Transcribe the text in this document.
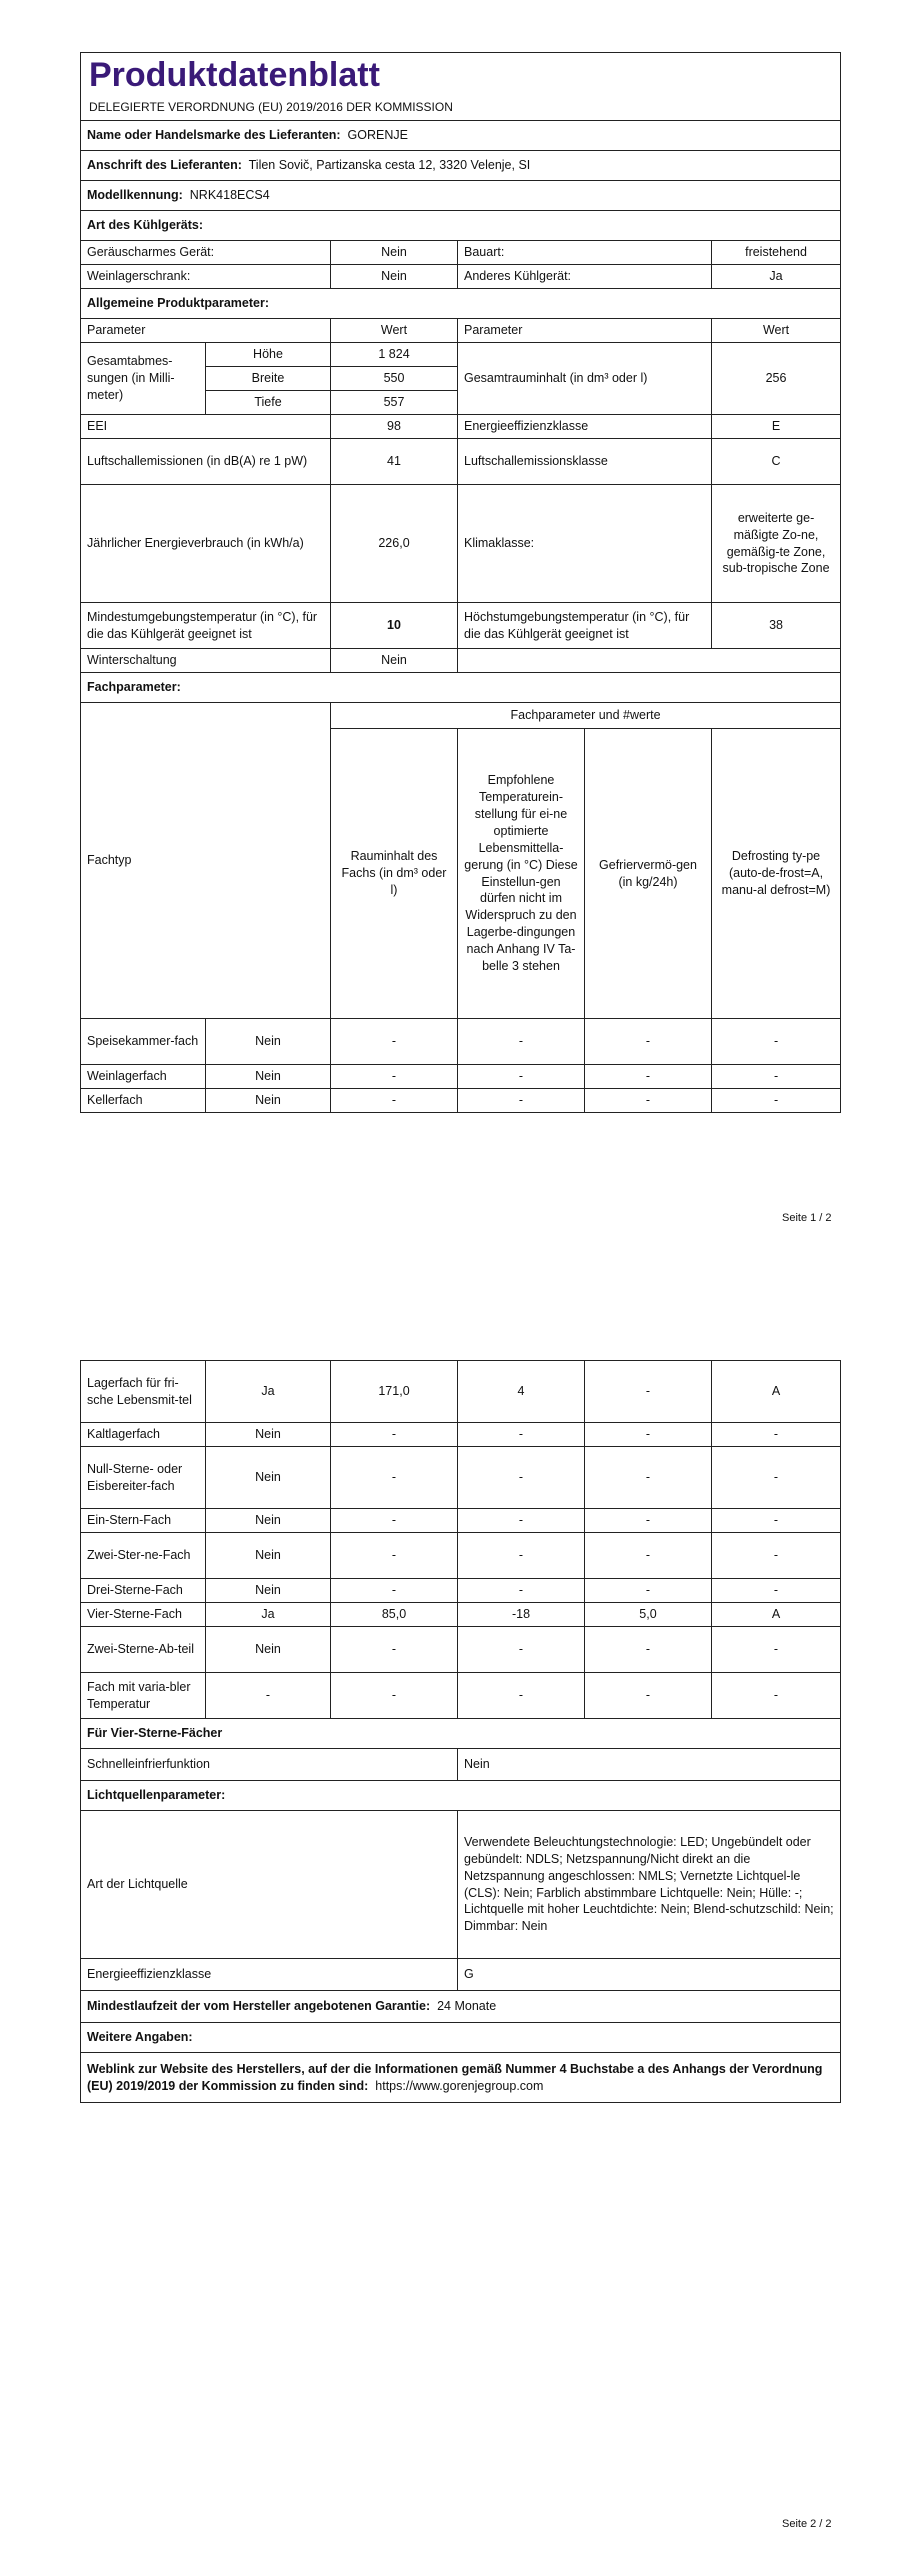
Produktdatenblatt
DELEGIERTE VERORDNUNG (EU) 2019/2016 DER KOMMISSION					

Name oder Handelsmarke des Lieferanten: GORENJE					
Anschrift des Lieferanten: Tilen Sovič, Partizanska cesta 12, 3320 Velenje, SI					
Modellkennung: NRK418ECS4					
Art des Kühlgeräts:					
Geräuscharmes Gerät:		Nein	Bauart:		freistehend
Weinlagerschrank:		Nein	Anderes Kühlgerät:		Ja
Allgemeine Produktparameter:					
Parameter		Wert	Parameter		Wert
Gesamtabmes-sungen (in Milli-meter)	Höhe	1 824	Gesamtrauminhalt (in dm³ oder l)		256
	Breite	550			
	Tiefe	557			
EEI		98	Energieeffizienzklasse		E
Luftschallemissionen (in dB(A) re 1 pW)		41	Luftschallemissionsklasse		C
Jährlicher Energieverbrauch (in kWh/a)		226,0	Klimaklasse:		erweiterte ge-mäßigte Zo-ne, gemäßig-te Zone, sub-tropische Zone
Mindestumgebungstemperatur (in °C), für die das Kühlgerät geeignet ist		10	Höchstumgebungstemperatur (in °C), für die das Kühlgerät geeignet ist		38
Winterschaltung		Nein			
Fachparameter:					
Fachtyp		Fachparameter und #werte			
		Rauminhalt des Fachs (in dm³ oder l)	Empfohlene Temperaturein-stellung für ei-ne optimierte Lebensmittella-gerung (in °C) Diese Einstellun-gen dürfen nicht im Widerspruch zu den Lagerbe-dingungen nach Anhang IV Ta-belle 3 stehen	Gefriervermö-gen (in kg/24h)	Defrosting ty-pe (auto-de-frost=A, manu-al defrost=M)
Speisekammer-fach	Nein	-	-	-	-
Weinlagerfach	Nein	-	-	-	-
Kellerfach	Nein	-	-	-	-
Seite 1 / 2
Lagerfach für fri-sche Lebensmit-tel	Ja	171,0	4	-	A
Kaltlagerfach	Nein	-	-	-	-
Null-Sterne- oder Eisbereiter-fach	Nein	-	-	-	-
Ein-Stern-Fach	Nein	-	-	-	-
Zwei-Ster-ne-Fach	Nein	-	-	-	-
Drei-Sterne-Fach	Nein	-	-	-	-
Vier-Sterne-Fach	Ja	85,0	-18	5,0	A
Zwei-Sterne-Ab-teil	Nein	-	-	-	-
Fach mit varia-bler Temperatur	-	-	-	-	-
Für Vier-Sterne-Fächer					
Schnelleinfrierfunktion			Nein		
Lichtquellenparameter:					
Art der Lichtquelle			Verwendete Beleuchtungstechnologie: LED; Ungebündelt oder gebündelt: NDLS; Netzspannung/Nicht direkt an die Netzspannung angeschlossen: NMLS; Vernetzte Lichtquel-le (CLS): Nein; Farblich abstimmbare Lichtquelle: Nein; Hülle: -; Lichtquelle mit hoher Leuchtdichte: Nein; Blend-schutzschild: Nein; Dimmbar: Nein		
Energieeffizienzklasse			G		
Mindestlaufzeit der vom Hersteller angebotenen Garantie: 24 Monate					
Weitere Angaben:					
Weblink zur Website des Herstellers, auf der die Informationen gemäß Nummer 4 Buchstabe a des Anhangs der Verordnung (EU) 2019/2019 der Kommission zu finden sind: https://www.gorenjegroup.com					
Seite 2 / 2
